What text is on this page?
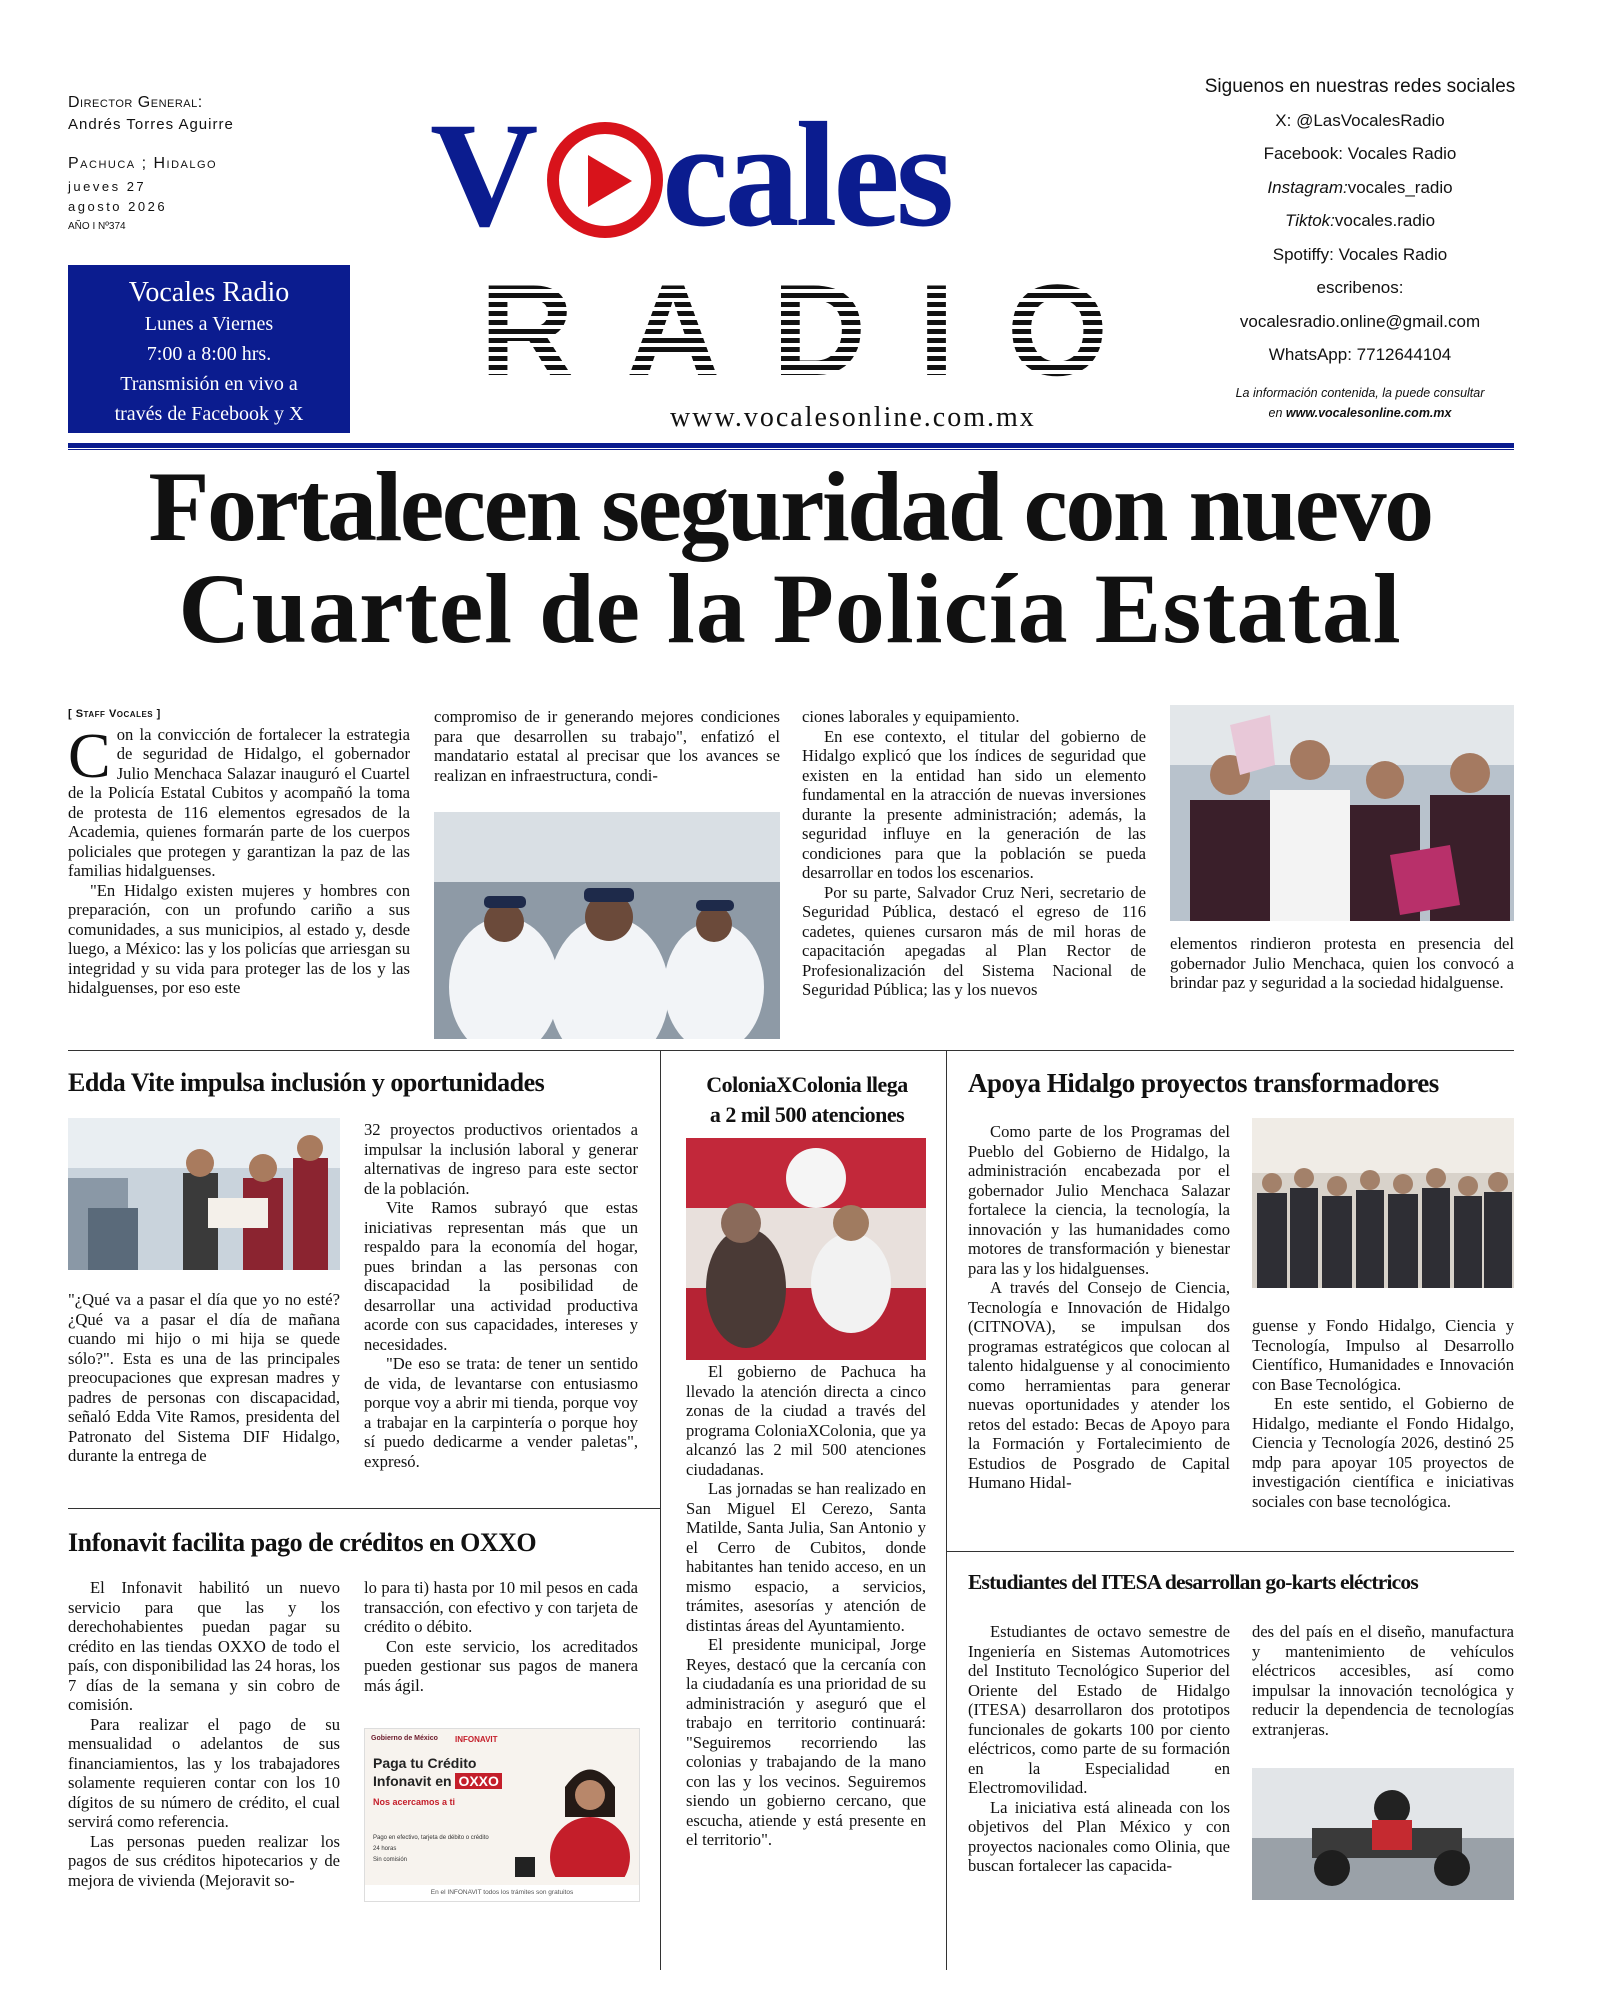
Director General:
Andrés Torres Aguirre
Pachuca ; Hidalgo
jueves 27
agosto 2026
AÑO I Nº374
Vocales Radio
Lunes a Viernes
7:00 a 8:00 hrs.
Transmisión en vivo a
través de Facebook y X
V cales
RADIO
www.vocalesonline.com.mx
Siguenos en nuestras redes sociales
X: @LasVocalesRadio
Facebook: Vocales Radio
Instagram:vocales_radio
Tiktok:vocales.radio
Spotiffy: Vocales Radio
escribenos:
vocalesradio.online@gmail.com
WhatsApp: 7712644104
La información contenida, la puede consultar
en www.vocalesonline.com.mx
Fortalecen seguridad con nuevo
Cuartel de la Policía Estatal
[ Staff Vocales ]
C on la convicción de fortalecer la estrategia de seguridad de Hidalgo, el gobernador Julio Menchaca Salazar inauguró el Cuartel de la Policía Estatal Cubitos y acompañó la toma de protesta de 116 elementos egresados de la Academia, quienes formarán parte de los cuerpos policiales que protegen y garantizan la paz de las familias hidalguenses.

"En Hidalgo existen mujeres y hombres con preparación, con un profundo cariño a sus comunidades, a sus municipios, al estado y, desde luego, a México: las y los policías que arriesgan su integridad y su vida para proteger las de los y las hidalguenses, por eso este

compromiso de ir generando mejores condiciones para que desarrollen su trabajo", enfatizó el mandatario estatal al precisar que los avances se realizan en infraestructura, condi-

ciones laborales y equipamiento.

En ese contexto, el titular del gobierno de Hidalgo explicó que los índices de seguridad que existen en la entidad han sido un elemento fundamental en la atracción de nuevas inversiones durante la presente administración; además, la seguridad influye en la generación de las condiciones para que la población se pueda desarrollar en todos los escenarios.

Por su parte, Salvador Cruz Neri, secretario de Seguridad Pública, destacó el egreso de 116 cadetes, quienes cursaron más de mil horas de capacitación apegadas al Plan Rector de Profesionalización del Sistema Nacional de Seguridad Pública; las y los nuevos

elementos rindieron protesta en presencia del gobernador Julio Menchaca, quien los convocó a brindar paz y seguridad a la sociedad hidalguense.

Edda Vite impulsa inclusión y oportunidades

"¿Qué va a pasar el día que yo no esté? ¿Qué va a pasar el día de mañana cuando mi hijo o mi hija se quede sólo?". Esta es una de las principales preocupaciones que expresan madres y padres de personas con discapacidad, señaló Edda Vite Ramos, presidenta del Patronato del Sistema DIF Hidalgo, durante la entrega de

32 proyectos productivos orientados a impulsar la inclusión laboral y generar alternativas de ingreso para este sector de la población.

Vite Ramos subrayó que estas iniciativas representan más que un respaldo para la economía del hogar, pues brindan a las personas con discapacidad la posibilidad de desarrollar una actividad productiva acorde con sus capacidades, intereses y necesidades.

"De eso se trata: de tener un sentido de vida, de levantarse con entusiasmo porque voy a abrir mi tienda, porque voy a trabajar en la carpintería o porque hoy sí puedo dedicarme a vender paletas", expresó.

ColoniaXColonia llega
a 2 mil 500 atenciones

El gobierno de Pachuca ha llevado la atención directa a cinco zonas de la ciudad a través del programa ColoniaXColonia, que ya alcanzó las 2 mil 500 atenciones ciudadanas.

Las jornadas se han realizado en San Miguel El Cerezo, Santa Matilde, Santa Julia, San Antonio y el Cerro de Cubitos, donde habitantes han tenido acceso, en un mismo espacio, a servicios, trámites, asesorías y atención de distintas áreas del Ayuntamiento.

El presidente municipal, Jorge Reyes, destacó que la cercanía con la ciudadanía es una prioridad de su administración y aseguró que el trabajo en territorio continuará: "Seguiremos recorriendo las colonias y trabajando de la mano con las y los vecinos. Seguiremos siendo un gobierno cercano, que escucha, atiende y está presente en el territorio".

Apoya Hidalgo proyectos transformadores

Como parte de los Programas del Pueblo del Gobierno de Hidalgo, la administración encabezada por el gobernador Julio Menchaca Salazar fortalece la ciencia, la tecnología, la innovación y las humanidades como motores de transformación y bienestar para las y los hidalguenses.

A través del Consejo de Ciencia, Tecnología e Innovación de Hidalgo (CITNOVA), se impulsan dos programas estratégicos que colocan al talento hidalguense y al conocimiento como herramientas para generar nuevas oportunidades y atender los retos del estado: Becas de Apoyo para la Formación y Fortalecimiento de Estudios de Posgrado de Capital Humano Hidal-

guense y Fondo Hidalgo, Ciencia y Tecnología, Impulso al Desarrollo Científico, Humanidades e Innovación con Base Tecnológica.

En este sentido, el Gobierno de Hidalgo, mediante el Fondo Hidalgo, Ciencia y Tecnología 2026, destinó 25 mdp para apoyar 105 proyectos de investigación científica e iniciativas sociales con base tecnológica.

Estudiantes del ITESA desarrollan go-karts eléctricos

Estudiantes de octavo semestre de Ingeniería en Sistemas Automotrices del Instituto Tecnológico Superior del Oriente del Estado de Hidalgo (ITESA) desarrollaron dos prototipos funcionales de gokarts 100 por ciento eléctricos, como parte de su formación en la Especialidad en Electromovilidad.

La iniciativa está alineada con los objetivos del Plan México y con proyectos nacionales como Olinia, que buscan fortalecer las capacida-

des del país en el diseño, manufactura y mantenimiento de vehículos eléctricos accesibles, así como impulsar la innovación tecnológica y reducir la dependencia de tecnologías extranjeras.

Infonavit facilita pago de créditos en OXXO

El Infonavit habilitó un nuevo servicio para que las y los derechohabientes puedan pagar su crédito en las tiendas OXXO de todo el país, con disponibilidad las 24 horas, los 7 días de la semana y sin cobro de comisión.

Para realizar el pago de su mensualidad o adelantos de sus financiamientos, las y los trabajadores solamente requieren contar con los 10 dígitos de su número de crédito, el cual servirá como referencia.

Las personas pueden realizar los pagos de sus créditos hipotecarios y de mejora de vivienda (Mejoravit so-

lo para ti) hasta por 10 mil pesos en cada transacción, con efectivo y con tarjeta de crédito o débito.

Con este servicio, los acreditados pueden gestionar sus pagos de manera más ágil.

Gobierno de México INFONAVIT
Paga tu Crédito
Infonavit en OXXO
Nos acercamos a ti
Pago en efectivo, tarjeta de débito o crédito
24 horas
Sin comisión
En el INFONAVIT todos los trámites son gratuitos
